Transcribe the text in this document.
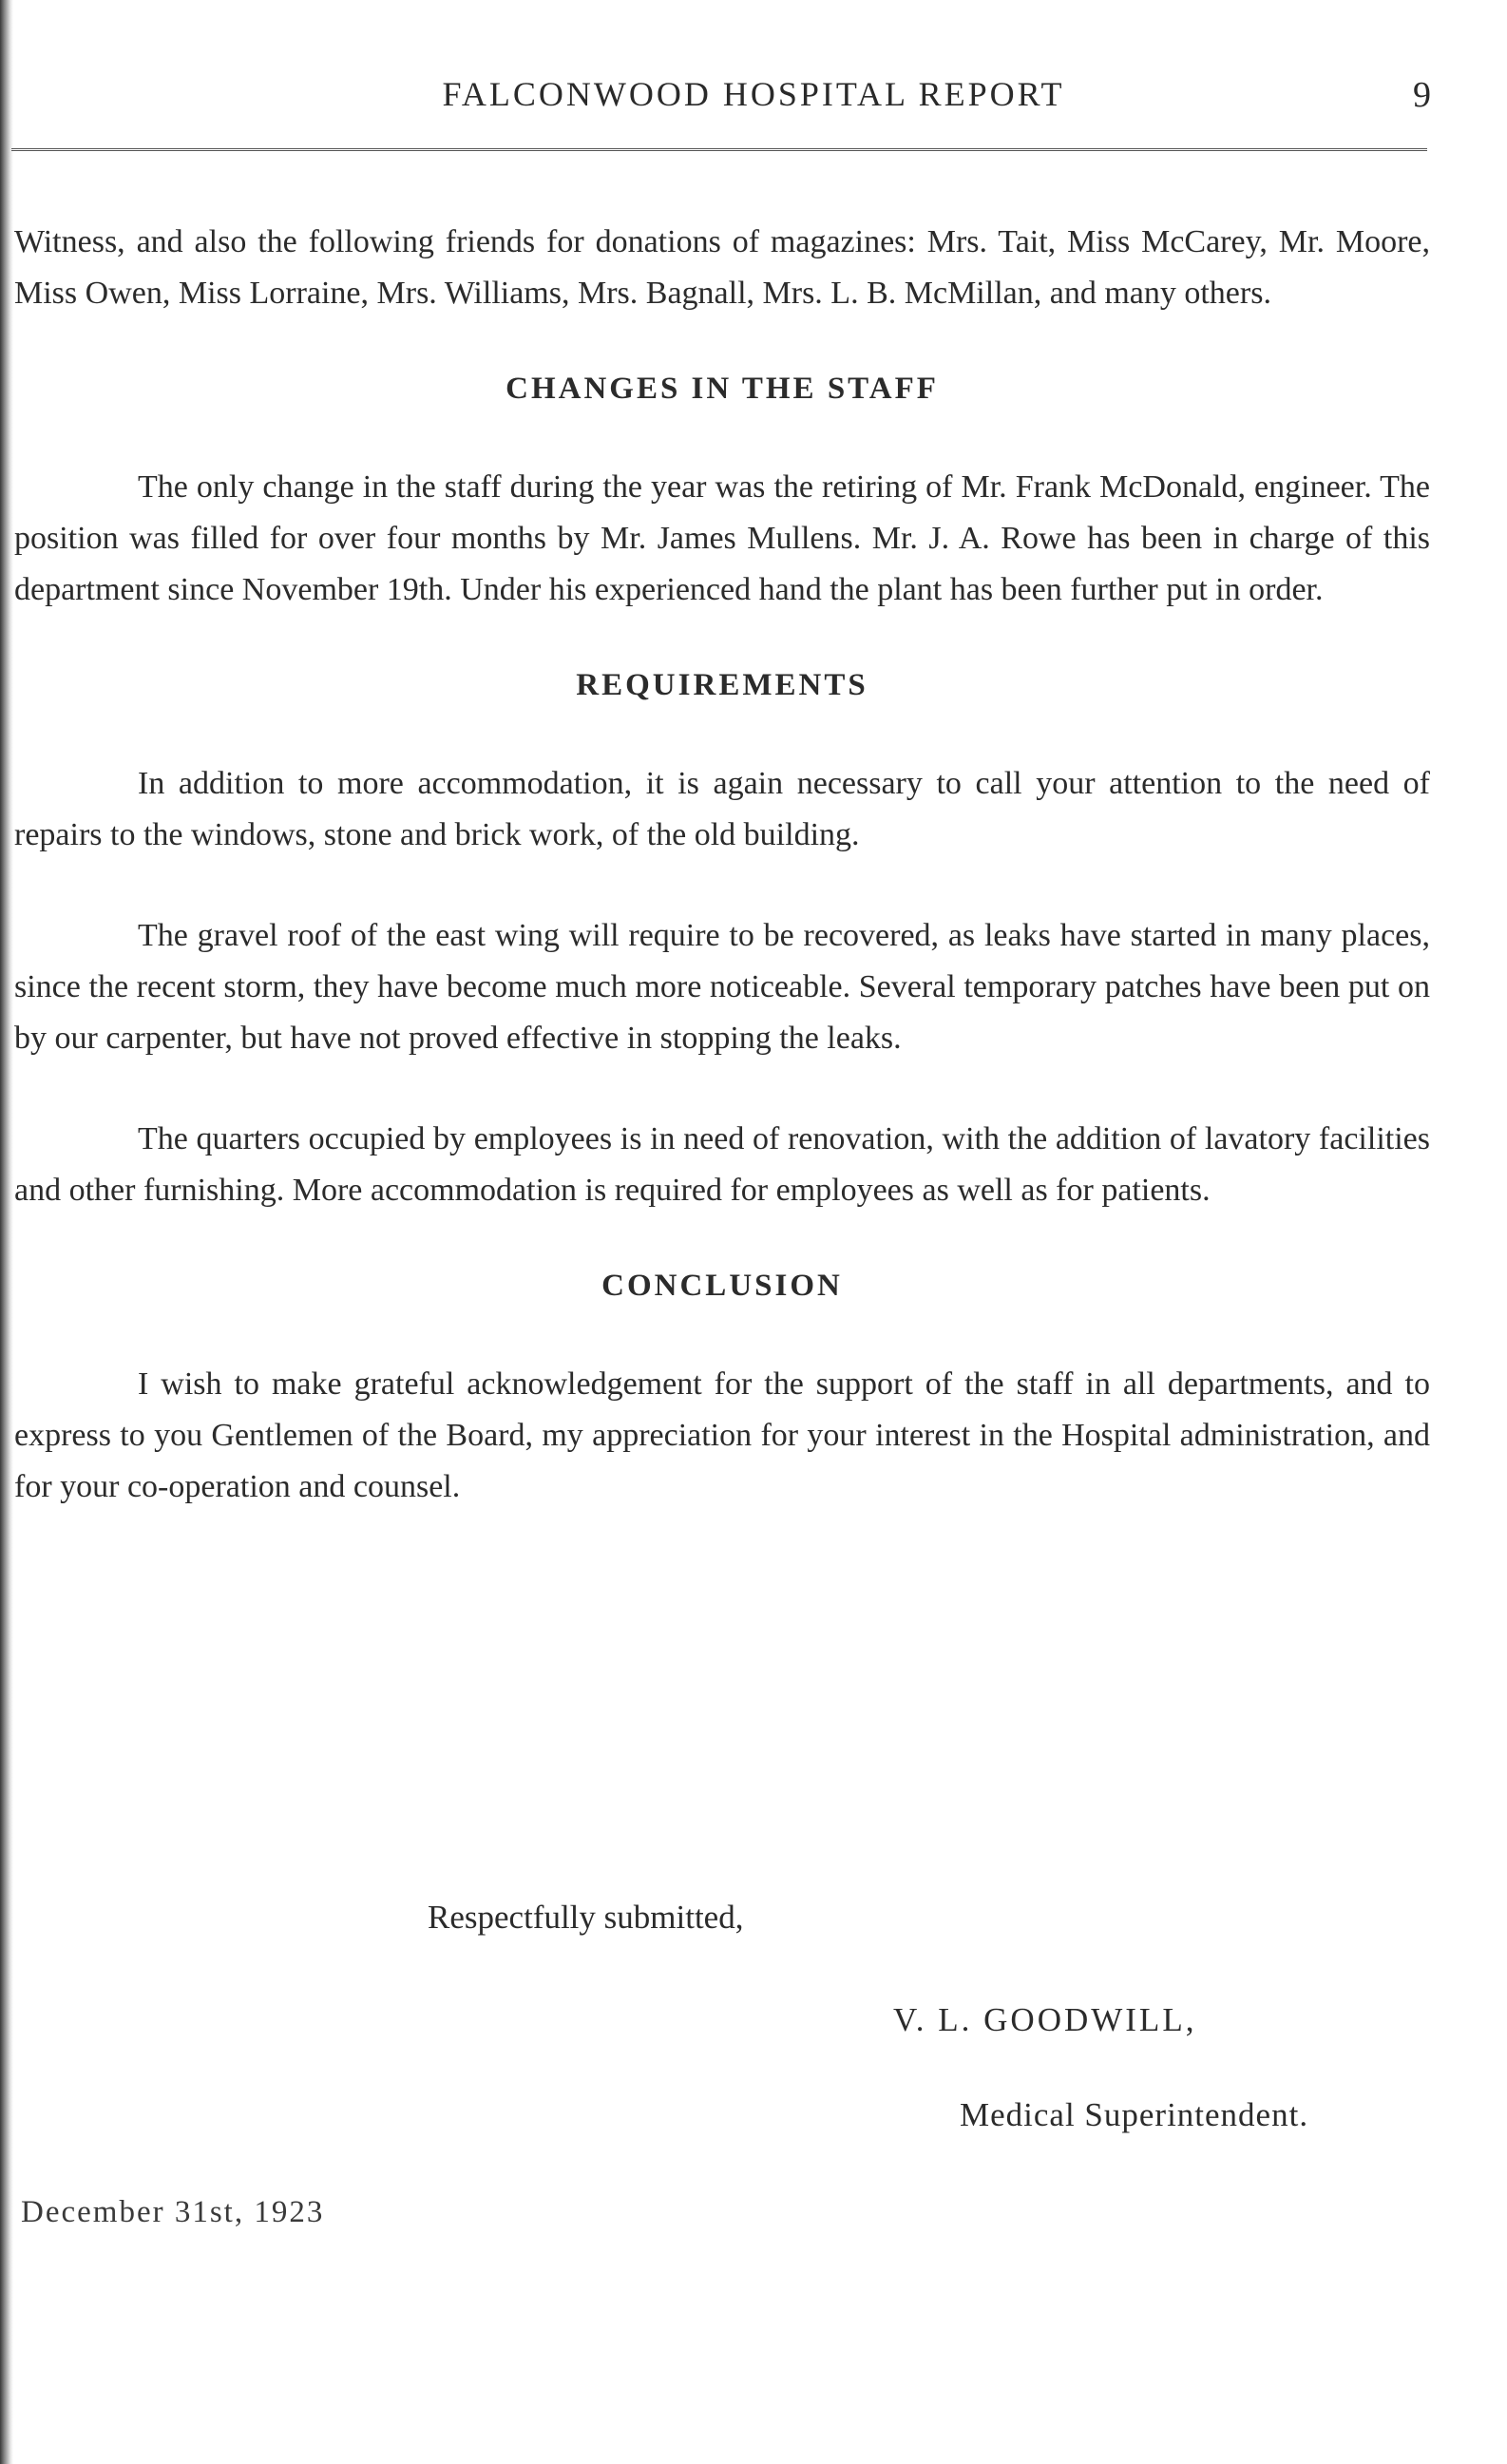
FALCONWOOD HOSPITAL REPORT	9

Witness, and also the following friends for donations of magazines: Mrs. Tait, Miss McCarey, Mr. Moore, Miss Owen, Miss Lorraine, Mrs. Williams, Mrs. Bagnall, Mrs. L. B. McMillan, and many others.

CHANGES IN THE STAFF

The only change in the staff during the year was the retiring of Mr. Frank McDonald, engineer. The position was filled for over four months by Mr. James Mullens. Mr. J. A. Rowe has been in charge of this department since November 19th. Under his experienced hand the plant has been further put in order.

REQUIREMENTS

In addition to more accommodation, it is again necessary to call your attention to the need of repairs to the windows, stone and brick work, of the old building.

The gravel roof of the east wing will require to be recovered, as leaks have started in many places, since the recent storm, they have become much more noticeable. Several temporary patches have been put on by our carpenter, but have not proved effective in stopping the leaks.

The quarters occupied by employees is in need of renovation, with the addition of lavatory facilities and other furnishing. More accommodation is required for employees as well as for patients.

CONCLUSION

I wish to make grateful acknowledgement for the support of the staff in all departments, and to express to you Gentlemen of the Board, my appreciation for your interest in the Hospital administration, and for your co-operation and counsel.

Respectfully submitted,
V. L. GOODWILL,
Medical Superintendent.
December 31st, 1923
